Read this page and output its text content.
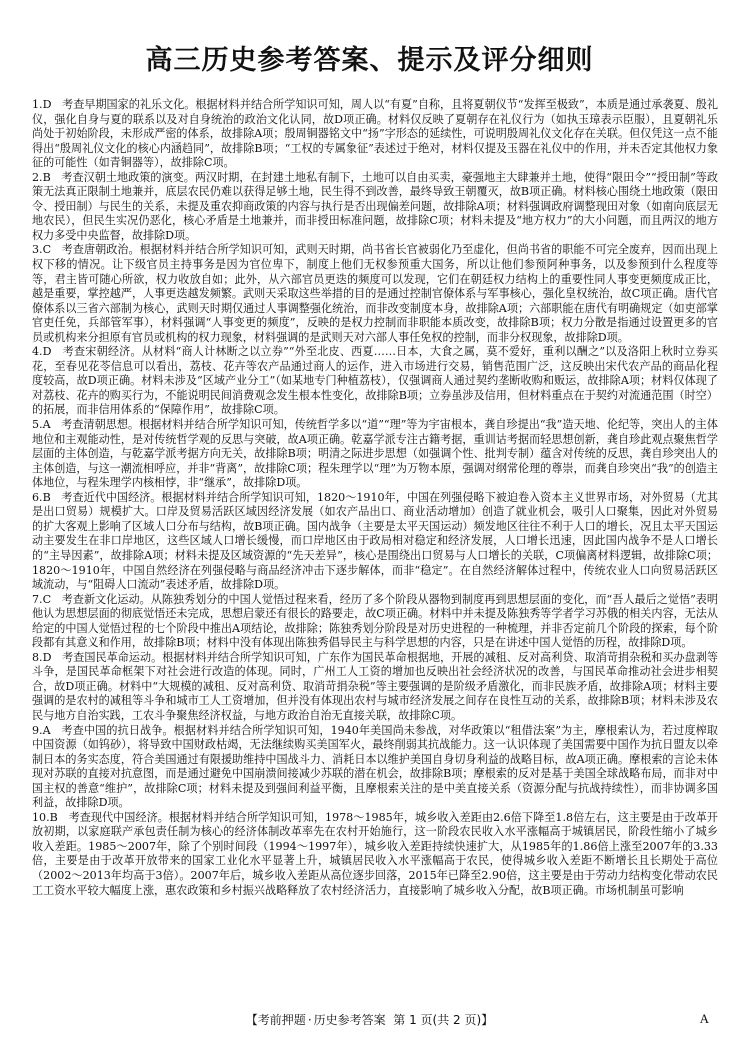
高三历史参考答案、提示及评分细则

1.D 考查早期国家的礼乐文化。根据材料并结合所学知识可知，周人以“有夏”自称，且将夏朝仪节“发挥至极致”，本质是通过承袭夏、殷礼仪，强化自身与夏的联系以及对自身统治的政治文化认同，故D项正确。材料仅反映了夏朝存在礼仪行为（如执玉璋表示臣服），且夏朝礼乐尚处于初始阶段，未形成严密的体系，故排除A项；殷周铜器铭文中“扬”字形态的延续性，可说明殷周礼仪文化存在关联。但仅凭这一点不能得出“殷周礼仪文化的核心内涵趋同”，故排除B项；“工权的专属象征”表述过于绝对，材料仅提及玉器在礼仪中的作用，并未否定其他权力象征的可能性（如青铜器等），故排除C项。

2.B 考查汉朝土地政策的演变。两汉时期，在封建土地私有制下，土地可以自由买卖，豪强地主大肆兼并土地，使得“限田令”“授田制”等政策无法真正限制土地兼并，底层农民仍难以获得足够土地，民生得不到改善，最终导致王朝覆灭，故B项正确。材料核心围绕土地政策（限田令、授田制）与民生的关系，未提及重农抑商政策的内容与执行是否出现偏差问题，故排除A项；材料强调政府调整现田对象（如南向底层无地农民），但民生实况仍恶化，核心矛盾是土地兼并，而非授田标准问题，故排除C项；材料未提及“地方权力”的大小问题，而且两汉的地方权力多受中央监督，故排除D项。

3.C 考查唐朝政治。根据材料并结合所学知识可知，武则天时期，尚书省长官被弱化乃至虚化，但尚书省的职能不可完全废弃，因而出现上权下移的情况。让下级官员主持事务是因为官位卑下，制度上他们无权参预重大国务，所以让他们参预阿种事务，以及参预到什么程度等等，君主皆可随心所欲，权力收放自如；此外，从六部官员更迭的频度可以发现，它们在朝廷权力结构上的重要性同人事变更频度成正比，越是重要，掌控越严，人事更迭越发频繁。武则天采取这些举措的目的是通过控制官僚体系与军事核心，强化皇权统治，故C项正确。唐代官僚体系以三省六部制为核心，武则天时期仅通过人事调整强化统治，而非改变制度本身，故排除A项；六部职能在唐代有明确规定（如吏部掌官吏任免，兵部管军事），材料强调“人事变更的频度”，反映的是权力控制而非职能本质改变，故排除B项；权力分散是指通过设置更多的官员或机构来分担原有官员或机构的权力现象，材料强调的是武则天对六部人事任免权的控制，而非分权现象，故排除D项。

4.D 考查宋朝经济。从材料“商人计林断之以立券”“外至北皮、西夏……日本，大食之属，莫不爱好，重利以酬之”以及洛阳上秋时立券买花，至春见花苓信息可以看出，荔枝、花卉等农产品通过商人的运作，进入市场进行交易，销售范围广泛，这反映出宋代农产品的商品化程度较高，故D项正确。材料未涉及“区域产业分工”（如某地专门种植荔枝），仅强调商人通过契约垄断收购和贩运，故排除A项；材料仅体现了对荔枝、花卉的购买行为，不能说明民间消费观念发生根本性变化，故排除B项；立券虽涉及信用，但材料重点在于契约对流通范围（时空）的拓展，而非信用体系的“保障作用”，故排除C项。

5.A 考查清朝思想。根据材料并结合所学知识可知，传统哲学多以“道”“理”等为宇宙根本，龚自珍提出“我”造天地、伦纪等，突出人的主体地位和主观能动性，是对传统哲学观的反思与突破，故A项正确。乾嘉学派专注古籍考据，重训诂考据而轻思想创新，龚自珍此观点聚焦哲学层面的主体创造，与乾嘉学派考据方向无关，故排除B项；明清之际进步思想（如强调个性、批判专制）蕴含对传统的反思，龚自珍突出人的主体创造，与这一潮流相呼应，并非“背离”，故排除C项；程朱理学以“理”为万物本原，强调对纲常伦理的尊崇，而龚自珍突出“我”的创造主体地位，与程朱理学内核相悖，非“继承”，故排除D项。

6.B 考查近代中国经济。根据材料并结合所学知识可知，1820～1910年，中国在列强侵略下被迫卷入资本主义世界市场，对外贸易（尤其是出口贸易）规模扩大。口岸及贸易活跃区域因经济发展（如农产品出口、商业活动增加）创造了就业机会，吸引人口聚集，因此对外贸易的扩大客观上影响了区域人口分布与结构，故B项正确。国内战争（主要是太平天国运动）频发地区往往不利于人口的增长，况且太平天国运动主要发生在非口岸地区，这些区域人口增长缓慢，而口岸地区由于政局相对稳定和经济发展，人口增长迅速，因此国内战争不是人口增长的“主导因素”，故排除A项；材料未提及区域资源的“先天差异”，核心是围绕出口贸易与人口增长的关联，C项偏离材料逻辑，故排除C项；1820～1910年，中国自然经济在列强侵略与商品经济冲击下逐步解体，而非“稳定”。在自然经济解体过程中，传统农业人口向贸易活跃区域流动，与“阻碍人口流动”表述矛盾，故排除D项。

7.C 考查新文化运动。从陈独秀划分的中国人觉悟过程来看，经历了多个阶段从器物到制度再到思想层面的变化，而“吾人最后之觉悟”表明他认为思想层面的彻底觉悟还未完成，思想启蒙还有很长的路要走，故C项正确。材料中并未提及陈独秀等学者学习苏俄的相关内容，无法从给定的中国人觉悟过程的七个阶段中推出A项结论，故排除；陈独秀划分阶段是对历史进程的一种梳理，并非否定前几个阶段的探索，每个阶段都有其意义和作用，故排除B项；材料中没有体现出陈独秀倡导民主与科学思想的内容，只是在讲述中国人觉悟的历程，故排除D项。

8.D 考查国民革命运动。根据材料并结合所学知识可知，广东作为国民革命根据地，开展的减租、反对高利贷、取消苛捐杂税和买办盘剥等斗争，是国民革命框架下对社会进行改造的体现。同时，广州工人工资的增加也反映出社会经济状况的改善，与国民革命推动社会进步相契合，故D项正确。材料中“大规模的减租、反对高利贷、取消苛捐杂税”等主要强调的是阶级矛盾激化，而非民族矛盾，故排除A项；材料主要强调的是农村的减租等斗争和城市工人工资增加，但并没有体现出农村与城市经济发展之间存在良性互动的关系，故排除B项；材料未涉及农民与地方自治实践，工农斗争聚焦经济权益，与地方政治自治无直接关联，故排除C项。

9.A 考查中国的抗日战争。根据材料并结合所学知识可知，1940年美国尚未参战，对华政策以“租借法案”为主，摩根索认为，若过度榨取中国资源（如钨砂），将导致中国财政枯竭，无法继续购买美国军火，最终削弱其抗战能力。这一认识体现了美国需要中国作为抗日盟友以牵制日本的务实态度，符合美国通过有限援助维持中国战斗力、消耗日本以维护美国自身切身利益的战略目标，故A项正确。摩根索的言论未体现对苏联的直接对抗意图，而是通过避免中国崩溃间接减少苏联的潜在机会，故排除B项；摩根索的反对是基于美国全球战略布局，而非对中国主权的善意“维护”，故排除C项；材料未提及到强间利益平衡，且摩根索关注的是中美直接关系（资源分配与抗战持续性），而非协调多国利益，故排除D项。

10.B 考查现代中国经济。根据材料并结合所学知识可知，1978～1985年，城乡收入差距由2.6倍下降至1.8倍左右，这主要是由于改革开放初期，以家庭联产承包责任制为核心的经济体制改革率先在农村开始施行，这一阶段农民收入水平涨幅高于城镇居民，阶段性缩小了城乡收入差距。1985～2007年，除了个别时间段（1994～1997年），城乡收入差距持续快速扩大，从1985年的1.86倍上涨至2007年的3.33倍，主要是由于改革开放带来的国家工业化水平显著上升，城镇居民收入水平涨幅高于农民，使得城乡收入差距不断增长且长期处于高位（2002～2013年均高于3倍）。2007年后，城乡收入差距从高位逐步回落，2015年已降至2.90倍，这主要是由于劳动力结构变化带动农民工工资水平较大幅度上涨，惠农政策和乡村振兴战略释放了农村经济活力，直接影响了城乡收入分配，故B项正确。市场机制虽可影响

【考前押题 · 历史参考答案 第 1 页(共 2 页)】	A
